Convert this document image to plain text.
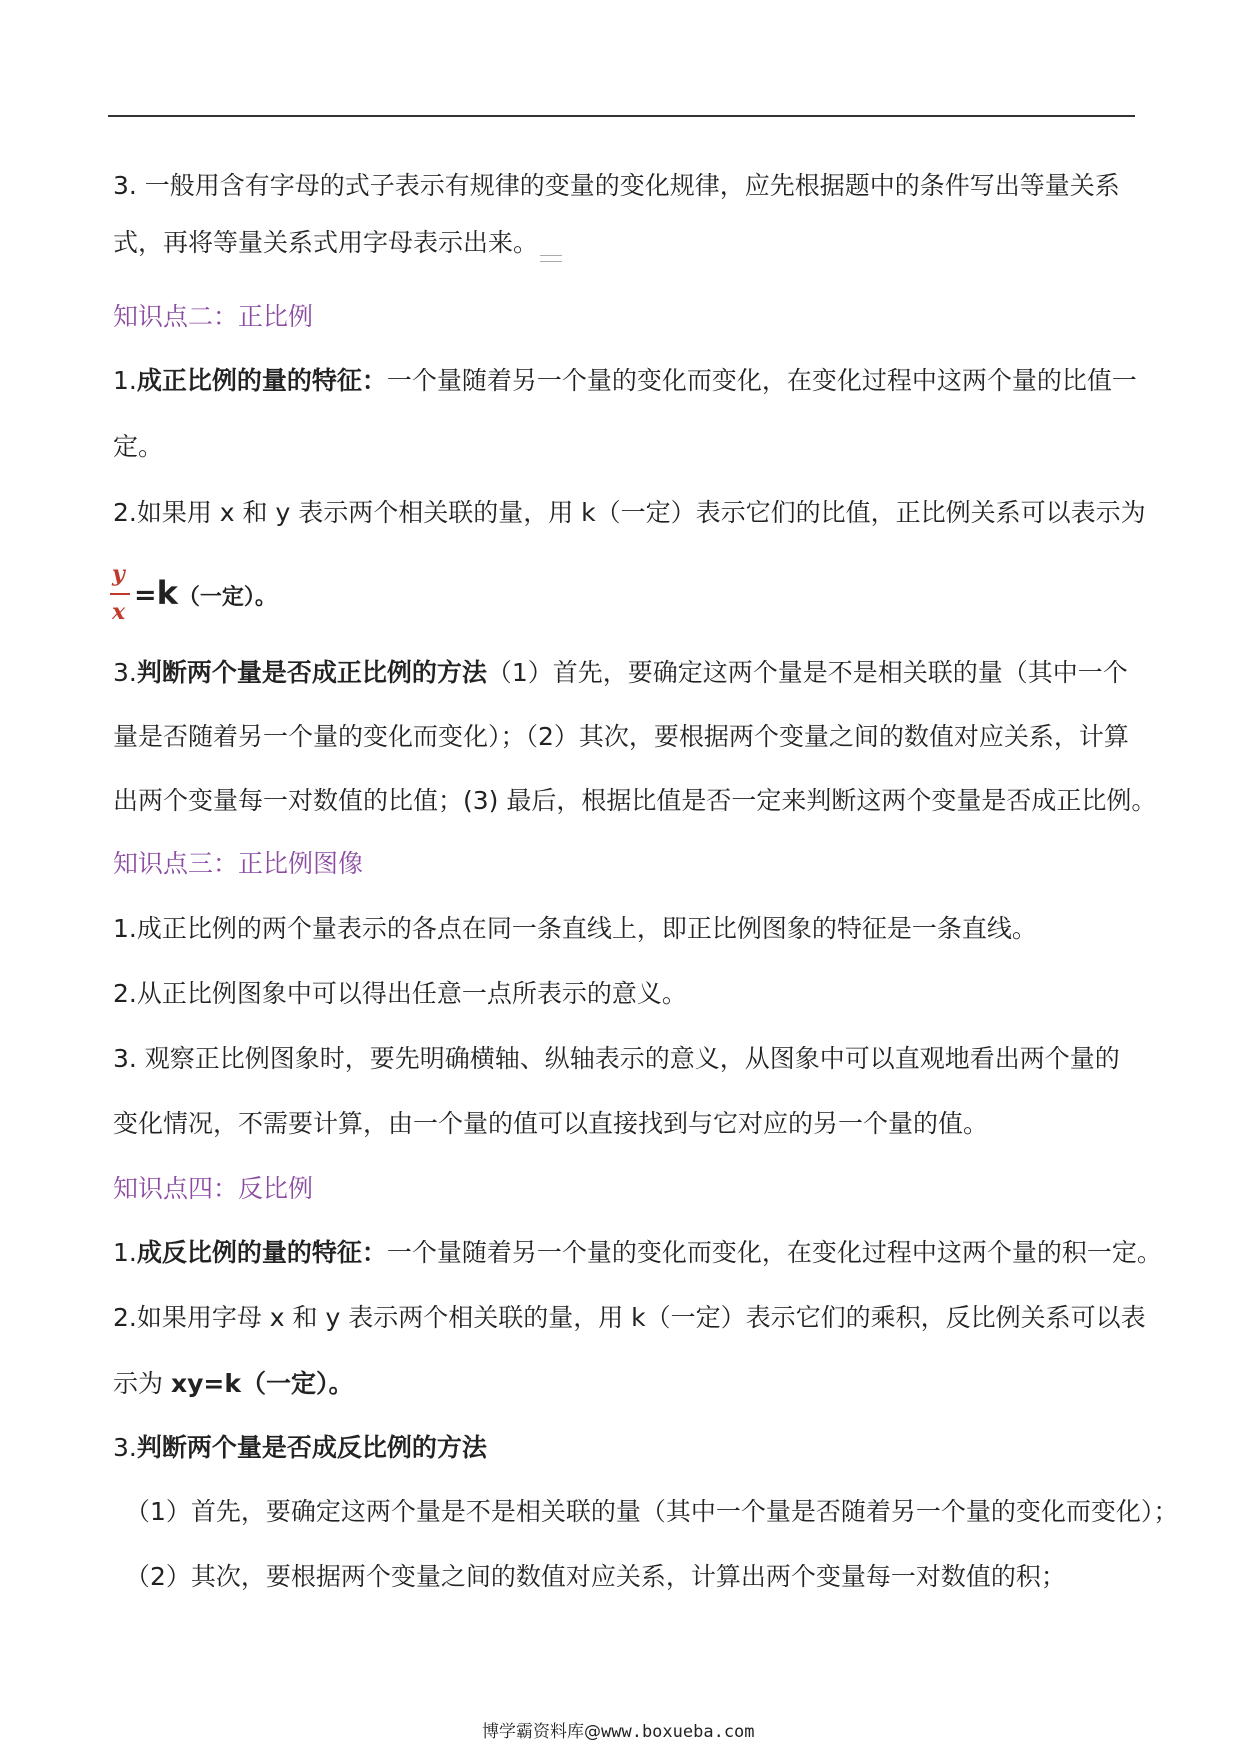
3. 一般用含有字母的式子表示有规律的变量的变化规律，应先根据题中的条件写出等量关系
式，再将等量关系式用字母表示出来。
知识点二：正比例
1.成正比例的量的特征：一个量随着另一个量的变化而变化，在变化过程中这两个量的比值一
定。
2.如果用 x 和 y 表示两个相关联的量，用 k（一定）表示它们的比值，正比例关系可以表示为
y
x
=k（一定）。
3.判断两个量是否成正比例的方法（1）首先，要确定这两个量是不是相关联的量（其中一个
量是否随着另一个量的变化而变化）；（2）其次，要根据两个变量之间的数值对应关系，计算
出两个变量每一对数值的比值；(3) 最后，根据比值是否一定来判断这两个变量是否成正比例。
知识点三：正比例图像
1.成正比例的两个量表示的各点在同一条直线上，即正比例图象的特征是一条直线。
2.从正比例图象中可以得出任意一点所表示的意义。
3. 观察正比例图象时，要先明确横轴、纵轴表示的意义，从图象中可以直观地看出两个量的
变化情况，不需要计算，由一个量的值可以直接找到与它对应的另一个量的值。
知识点四：反比例
1.成反比例的量的特征：一个量随着另一个量的变化而变化，在变化过程中这两个量的积一定。
2.如果用字母 x 和 y 表示两个相关联的量，用 k（一定）表示它们的乘积，反比例关系可以表
示为 xy=k（一定）。
3.判断两个量是否成反比例的方法
（1）首先，要确定这两个量是不是相关联的量（其中一个量是否随着另一个量的变化而变化）；
（2）其次，要根据两个变量之间的数值对应关系，计算出两个变量每一对数值的积；
博学霸资料库@www.boxueba.com
